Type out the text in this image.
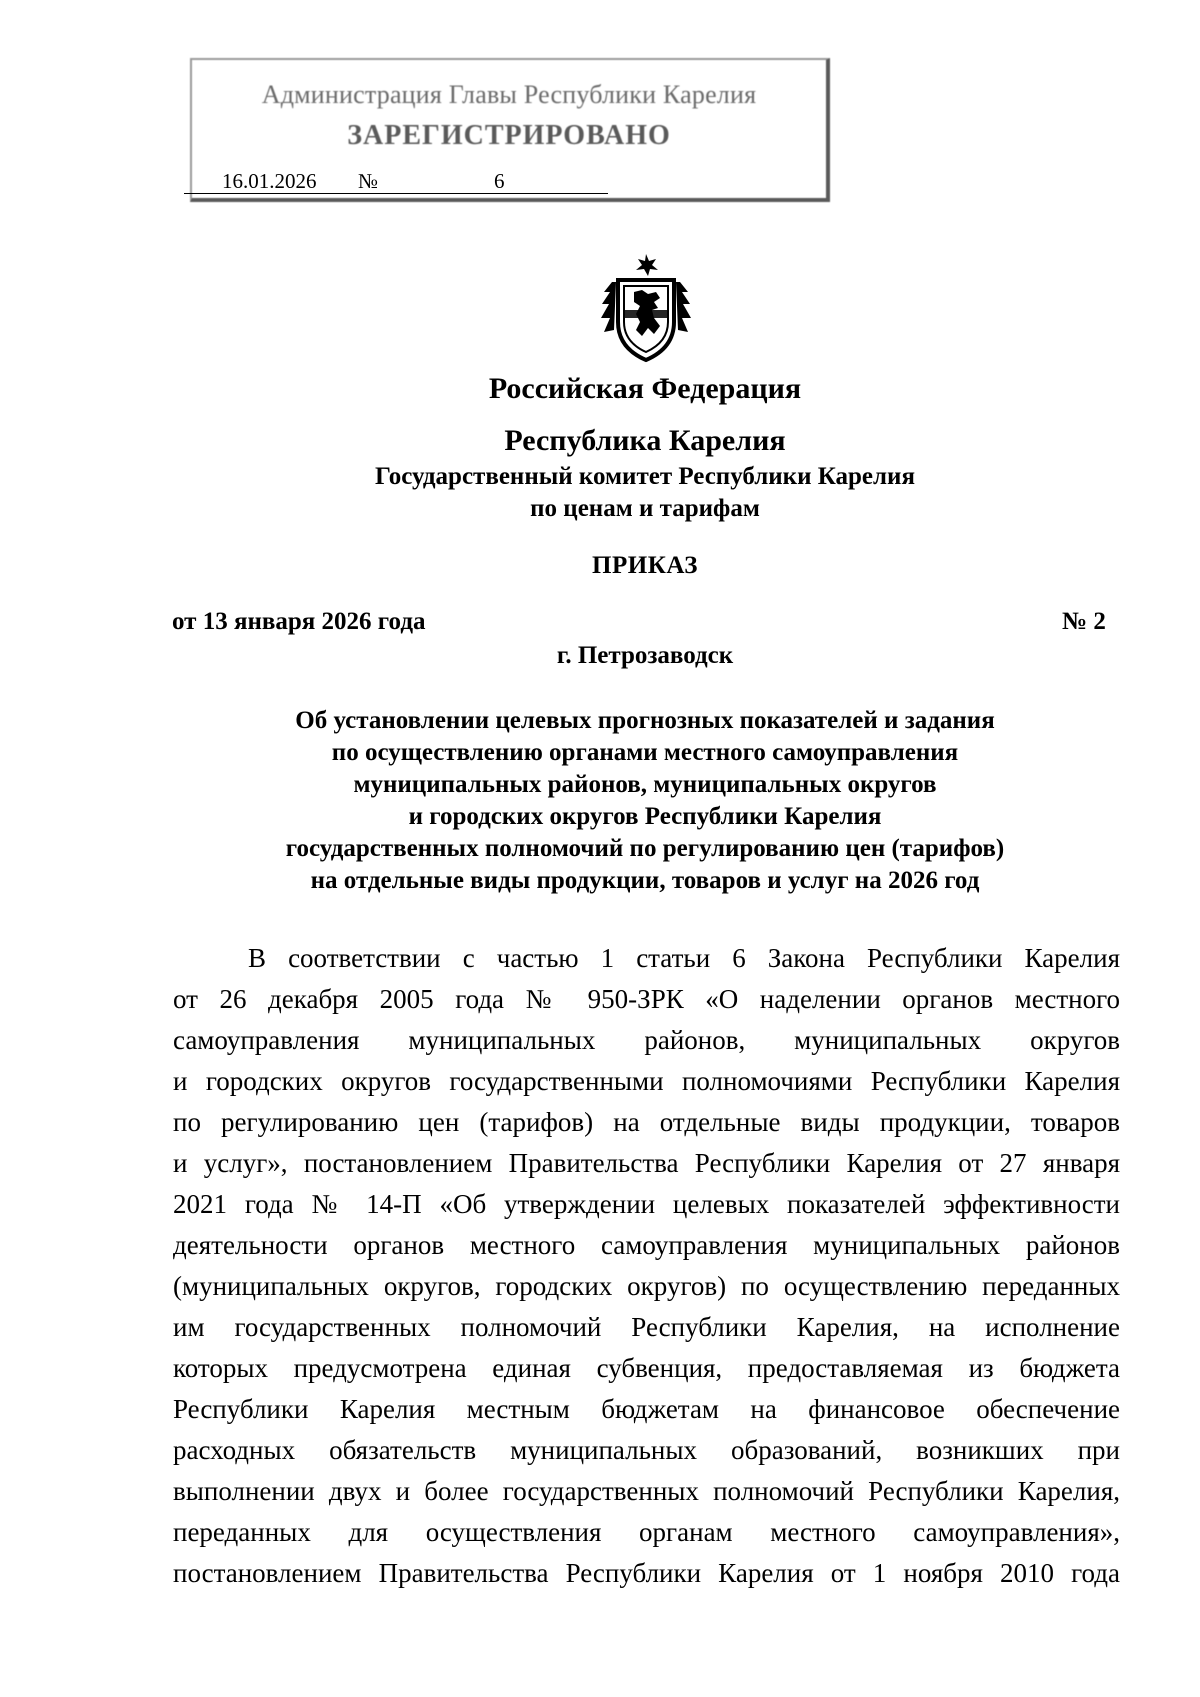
Администрация Главы Республики Карелия
ЗАРЕГИСТРИРОВАНО
16.01.2026 №	6
Российская Федерация
Республика Карелия
Государственный комитет Республики Карелия
по ценам и тарифам
ПРИКАЗ
от 13 января 2026 года	№ 2
г. Петрозаводск
Об установлении целевых прогнозных показателей и задания
по осуществлению органами местного самоуправления
муниципальных районов, муниципальных округов
и городских округов Республики Карелия
государственных полномочий по регулированию цен (тарифов)
на отдельные виды продукции, товаров и услуг на 2026 год
В соответствии с частью 1 статьи 6 Закона Республики Карелия
от 26 декабря 2005 года № 950-ЗРК «О наделении органов местного
самоуправления муниципальных районов, муниципальных округов
и городских округов государственными полномочиями Республики Карелия
по регулированию цен (тарифов) на отдельные виды продукции, товаров
и услуг», постановлением Правительства Республики Карелия от 27 января
2021 года № 14-П «Об утверждении целевых показателей эффективности
деятельности органов местного самоуправления муниципальных районов
(муниципальных округов, городских округов) по осуществлению переданных
им государственных полномочий Республики Карелия, на исполнение
которых предусмотрена единая субвенция, предоставляемая из бюджета
Республики Карелия местным бюджетам на финансовое обеспечение
расходных обязательств муниципальных образований, возникших при
выполнении двух и более государственных полномочий Республики Карелия,
переданных для осуществления органам местного самоуправления»,
постановлением Правительства Республики Карелия от 1 ноября 2010 года
